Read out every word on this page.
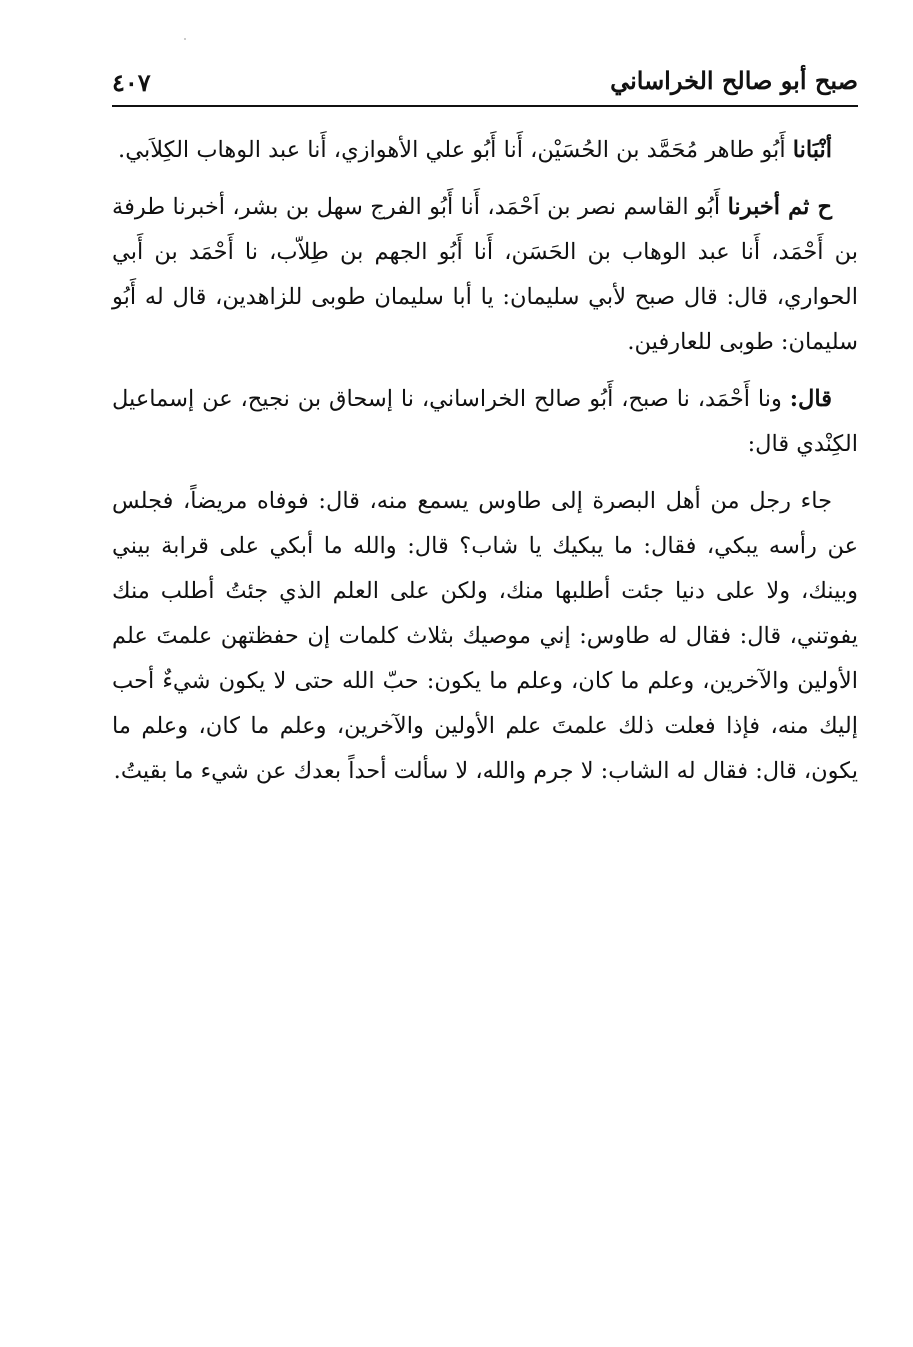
صبح أبو صالح الخراساني
٤٠٧

أنْبَانا أَبُو طاهر مُحَمَّد بن الحُسَيْن، أَنا أَبُو علي الأهوازي، أَنا عبد الوهاب الكِلاَبي.

ح ثم أخبرنا أَبُو القاسم نصر بن اَحْمَد، أَنا أَبُو الفرج سهل بن بشر، أخبرنا طرفة بن أَحْمَد، أَنا عبد الوهاب بن الحَسَن، أَنا أَبُو الجهم بن طِلاّب، نا أَحْمَد بن أَبي الحواري، قال: قال صبح لأبي سليمان: يا أبا سليمان طوبى للزاهدين، قال له أَبُو سليمان: طوبى للعارفين.

قال: ونا أَحْمَد، نا صبح، أَبُو صالح الخراساني، نا إسحاق بن نجيح، عن إسماعيل الكِنْدي قال:

جاء رجل من أهل البصرة إلى طاوس يسمع منه، قال: فوفاه مريضاً، فجلس عن رأسه يبكي، فقال: ما يبكيك يا شاب؟ قال: والله ما أبكي على قرابة بيني وبينك، ولا على دنيا جئت أطلبها منك، ولكن على العلم الذي جئتُ أطلب منك يفوتني، قال: فقال له طاوس: إني موصيك بثلاث كلمات إن حفظتهن علمتَ علم الأولين والآخرين، وعلم ما كان، وعلم ما يكون: حبّ الله حتى لا يكون شيءٌ أحب إليك منه، فإذا فعلت ذلك علمتَ علم الأولين والآخرين، وعلم ما كان، وعلم ما يكون، قال: فقال له الشاب: لا جرم والله، لا سألت أحداً بعدك عن شيء ما بقيتُ.
